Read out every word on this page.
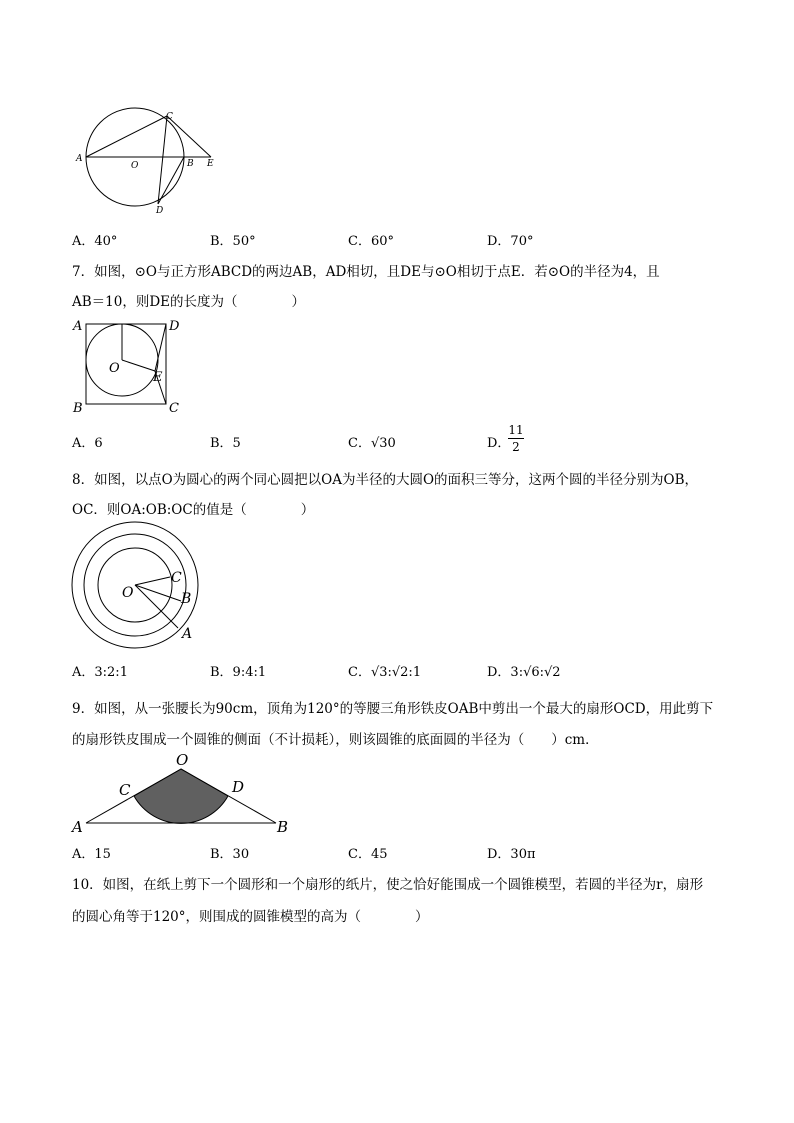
A
O
C
B E
D
A．40°	B．50°	C．60°	D．70°
7．如图，⊙O与正方形ABCD的两边AB，AD相切，且DE与⊙O相切于点E．若⊙O的半径为4，且
AB＝10，则DE的长度为（　　　　）
A	D
O
E
B	C
A．6	B．5	C．√30	D．
11
2
8．如图，以点O为圆心的两个同心圆把以OA为半径的大圆O的面积三等分，这两个圆的半径分别为OB，
OC．则OA:OB:OC的值是（　　　　）
O
C
B
A
A．3:2:1	B．9:4:1	C．√3:√2:1	D．3:√6:√2
9．如图，从一张腰长为90cm，顶角为120°的等腰三角形铁皮OAB中剪出一个最大的扇形OCD，用此剪下
的扇形铁皮围成一个圆锥的侧面（不计损耗），则该圆锥的底面圆的半径为（　　）cm．
O
C	D
A	B
A．15	B．30	C．45	D．30π
10．如图，在纸上剪下一个圆形和一个扇形的纸片，使之恰好能围成一个圆锥模型，若圆的半径为r，扇形
的圆心角等于120°，则围成的圆锥模型的高为（　　　　）
